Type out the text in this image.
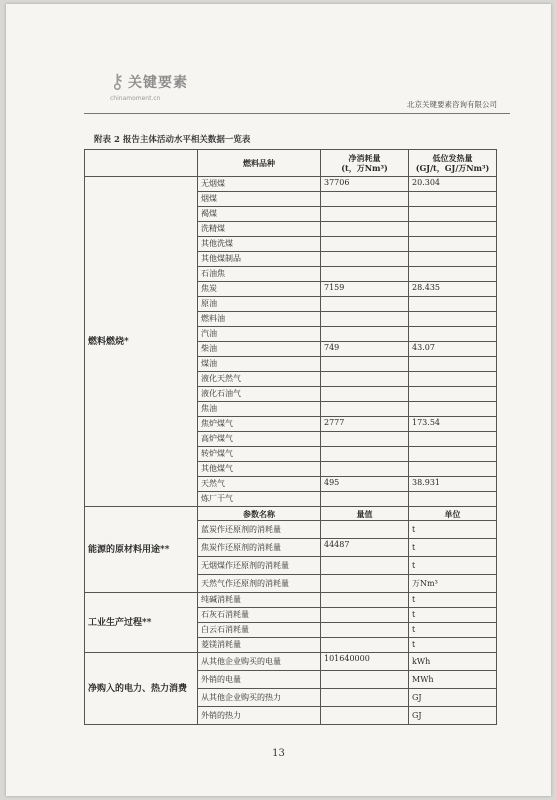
⚷ 关键要素
chinamoment.cn
北京关键要素咨询有限公司
附表 2 报告主体活动水平相关数据一览表
	燃料品种	净消耗量
(t，万Nm³)	低位发热量
(GJ/t，GJ/万Nm³)
燃料燃烧*	无烟煤	37706	20.304
	烟煤		
	褐煤		
	洗精煤		
	其他洗煤		
	其他煤制品		
	石油焦		
	焦炭	7159	28.435
	原油		
	燃料油		
	汽油		
	柴油	749	43.07
	煤油		
	液化天然气		
	液化石油气		
	焦油		
	焦炉煤气	2777	173.54
	高炉煤气		
	转炉煤气		
	其他煤气		
	天然气	495	38.931
	炼厂干气		
能源的原材料用途**	参数名称	量值	单位
	蓝炭作还原剂的消耗量		t
	焦炭作还原剂的消耗量	44487	t
	无烟煤作还原剂的消耗量		t
	天然气作还原剂的消耗量		万Nm³
工业生产过程**	纯碱消耗量		t
	石灰石消耗量		t
	白云石消耗量		t
	菱镁消耗量		t
净购入的电力、热力消费	从其他企业购买的电量	101640000	kWh
	外销的电量		MWh
	从其他企业购买的热力		GJ
	外销的热力		GJ
13
